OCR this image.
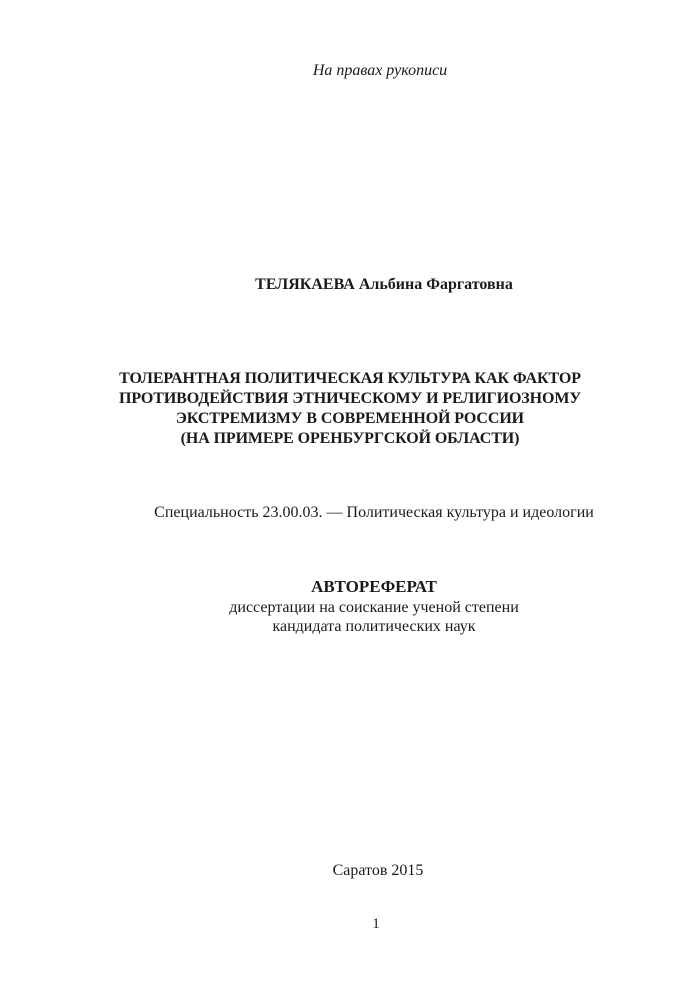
На правах рукописи
ТЕЛЯКАЕВА Альбина Фаргатовна
ТОЛЕРАНТНАЯ ПОЛИТИЧЕСКАЯ КУЛЬТУРА КАК ФАКТОР
ПРОТИВОДЕЙСТВИЯ ЭТНИЧЕСКОМУ И РЕЛИГИОЗНОМУ
ЭКСТРЕМИЗМУ В СОВРЕМЕННОЙ РОССИИ
(НА ПРИМЕРЕ ОРЕНБУРГСКОЙ ОБЛАСТИ)
Специальность 23.00.03. — Политическая культура и идеологии
АВТОРЕФЕРАТ
диссертации на соискание ученой степени
кандидата политических наук
Саратов 2015
1
